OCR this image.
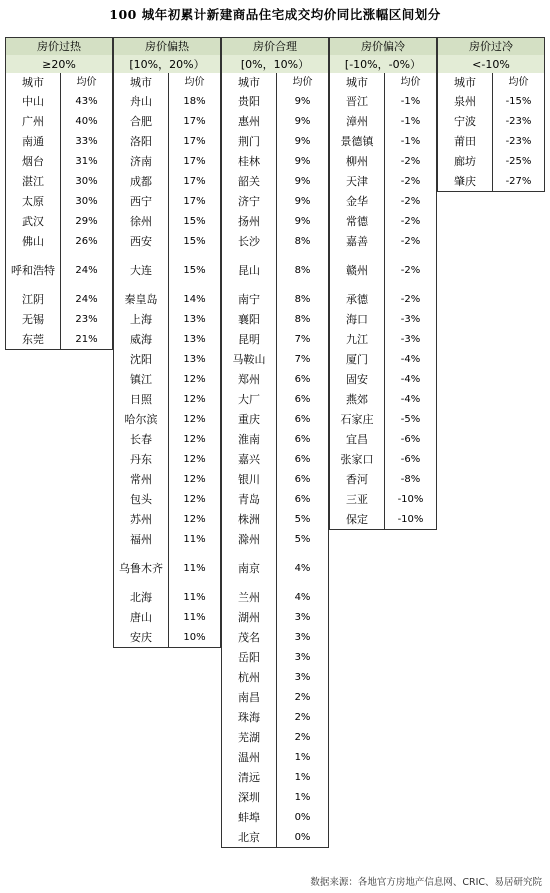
100 城年初累计新建商品住宅成交均价同比涨幅区间划分
房价过热
≥20%
城市	均价
中山	43%
广州	40%
南通	33%
烟台	31%
湛江	30%
太原	30%
武汉	29%
佛山	26%
呼和浩特	24%
江阴	24%
无锡	23%
东莞	21%
房价偏热
[10%，20%）
城市	均价
舟山	18%
合肥	17%
洛阳	17%
济南	17%
成都	17%
西宁	17%
徐州	15%
西安	15%
大连	15%
秦皇岛	14%
上海	13%
威海	13%
沈阳	13%
镇江	12%
日照	12%
哈尔滨	12%
长春	12%
丹东	12%
常州	12%
包头	12%
苏州	12%
福州	11%
乌鲁木齐	11%
北海	11%
唐山	11%
安庆	10%
房价合理
[0%，10%）
城市	均价
贵阳	9%
惠州	9%
荆门	9%
桂林	9%
韶关	9%
济宁	9%
扬州	9%
长沙	8%
昆山	8%
南宁	8%
襄阳	8%
昆明	7%
马鞍山	7%
郑州	6%
大厂	6%
重庆	6%
淮南	6%
嘉兴	6%
银川	6%
青岛	6%
株洲	5%
滁州	5%
南京	4%
兰州	4%
湖州	3%
茂名	3%
岳阳	3%
杭州	3%
南昌	2%
珠海	2%
芜湖	2%
温州	1%
清远	1%
深圳	1%
蚌埠	0%
北京	0%
房价偏冷
[-10%，-0%）
城市	均价
晋江	-1%
漳州	-1%
景德镇	-1%
柳州	-2%
天津	-2%
金华	-2%
常德	-2%
嘉善	-2%
赣州	-2%
承德	-2%
海口	-3%
九江	-3%
厦门	-4%
固安	-4%
燕郊	-4%
石家庄	-5%
宜昌	-6%
张家口	-6%
香河	-8%
三亚	-10%
保定	-10%
房价过冷
<-10%
城市	均价
泉州	-15%
宁波	-23%
莆田	-23%
廊坊	-25%
肇庆	-27%
数据来源：各地官方房地产信息网、CRIC、易居研究院
